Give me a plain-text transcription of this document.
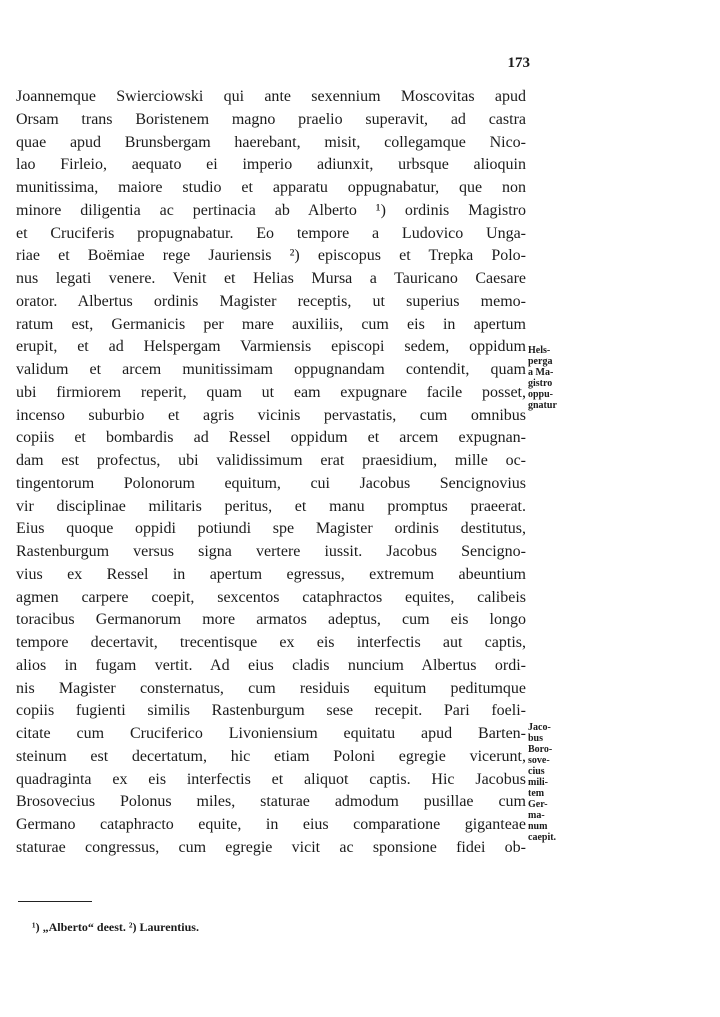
173
Joannemque Swierciowski qui ante sexennium Moscovitas apud
Orsam trans Boristenem magno praelio superavit, ad castra
quae apud Brunsbergam haerebant, misit, collegamque Nico-
lao Firleio, aequato ei imperio adiunxit, urbsque alioquin
munitissima, maiore studio et apparatu oppugnabatur, que non
minore diligentia ac pertinacia ab Alberto ¹) ordinis Magistro
et Cruciferis propugnabatur. Eo tempore a Ludovico Unga-
riae et Boëmiae rege Jauriensis ²) episcopus et Trepka Polo-
nus legati venere. Venit et Helias Mursa a Tauricano Caesare
orator. Albertus ordinis Magister receptis, ut superius memo-
ratum est, Germanicis per mare auxiliis, cum eis in apertum
erupit, et ad Helspergam Varmiensis episcopi sedem, oppidum
validum et arcem munitissimam oppugnandam contendit, quam
ubi firmiorem reperit, quam ut eam expugnare facile posset,
incenso suburbio et agris vicinis pervastatis, cum omnibus
copiis et bombardis ad Ressel oppidum et arcem expugnan-
dam est profectus, ubi validissimum erat praesidium, mille oc-
tingentorum Polonorum equitum, cui Jacobus Sencignovius
vir disciplinae militaris peritus, et manu promptus praeerat.
Eius quoque oppidi potiundi spe Magister ordinis destitutus,
Rastenburgum versus signa vertere iussit. Jacobus Sencigno-
vius ex Ressel in apertum egressus, extremum abeuntium
agmen carpere coepit, sexcentos cataphractos equites, calibeis
toracibus Germanorum more armatos adeptus, cum eis longo
tempore decertavit, trecentisque ex eis interfectis aut captis,
alios in fugam vertit. Ad eius cladis nuncium Albertus ordi-
nis Magister consternatus, cum residuis equitum peditumque
copiis fugienti similis Rastenburgum sese recepit. Pari foeli-
citate cum Cruciferico Livoniensium equitatu apud Barten-
steinum est decertatum, hic etiam Poloni egregie vicerunt,
quadraginta ex eis interfectis et aliquot captis. Hic Jacobus
Brosovecius Polonus miles, staturae admodum pusillae cum
Germano cataphracto equite, in eius comparatione giganteae
staturae congressus, cum egregie vicit ac sponsione fidei ob-
Hels-
perga
a Ma-
gistro
oppu-
gnatur
Jaco-
bus
Boro-
sove-
cius
mili-
tem
Ger-
ma-
num
caepit.
¹) „Alberto“ deest. ²) Laurentius.
